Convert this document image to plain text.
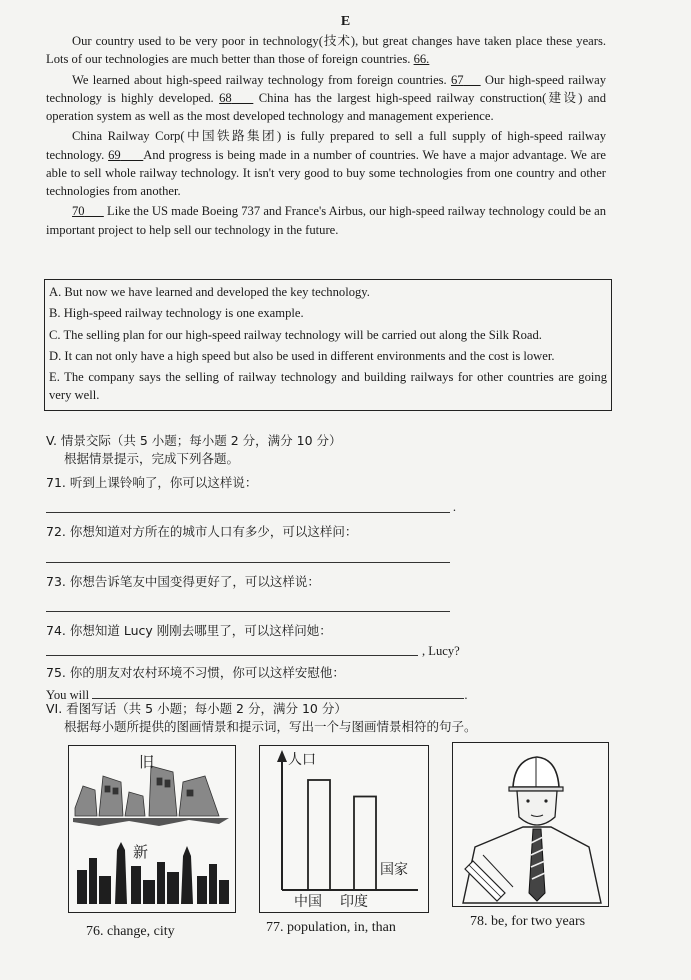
E

Our country used to be very poor in technology(技术), but great changes have taken place these years. Lots of our technologies are much better than those of foreign countries. 66.

We learned about high-speed railway technology from foreign countries. 67 Our high-speed railway technology is highly developed. 68 China has the largest high-speed railway construction(建设) and operation system as well as the most developed technology and management experience.

China Railway Corp(中国铁路集团) is fully prepared to sell a full supply of high-speed railway technology. 69 And progress is being made in a number of countries. We have a major advantage. We are able to sell whole railway technology. It isn't very good to buy some technologies from one country and other technologies from another.

70 Like the US made Boeing 737 and France's Airbus, our high-speed railway technology could be an important project to help sell our technology in the future.

A. But now we have learned and developed the key technology.
B. High-speed railway technology is one example.
C. The selling plan for our high-speed railway technology will be carried out along the Silk Road.
D. It can not only have a high speed but also be used in different environments and the cost is lower.
E. The company says the selling of railway technology and building railways for other countries are going very well.
V. 情景交际（共 5 小题；每小题 2 分，满分 10 分）
根据情景提示，完成下列各题。
71. 听到上课铃响了，你可以这样说：
.
72. 你想知道对方所在的城市人口有多少，可以这样问：
73. 你想告诉笔友中国变得更好了，可以这样说：
74. 你想知道 Lucy 刚刚去哪里了，可以这样问她：
, Lucy?
75. 你的朋友对农村环境不习惯，你可以这样安慰他：
You will	.
VI. 看图写话（共 5 小题；每小题 2 分，满分 10 分）
根据每小题所提供的图画情景和提示词，写出一个与图画情景相符的句子。
旧
新
人口
国家
中国 印度
76. change, city	77. population, in, than	78. be, for two years
